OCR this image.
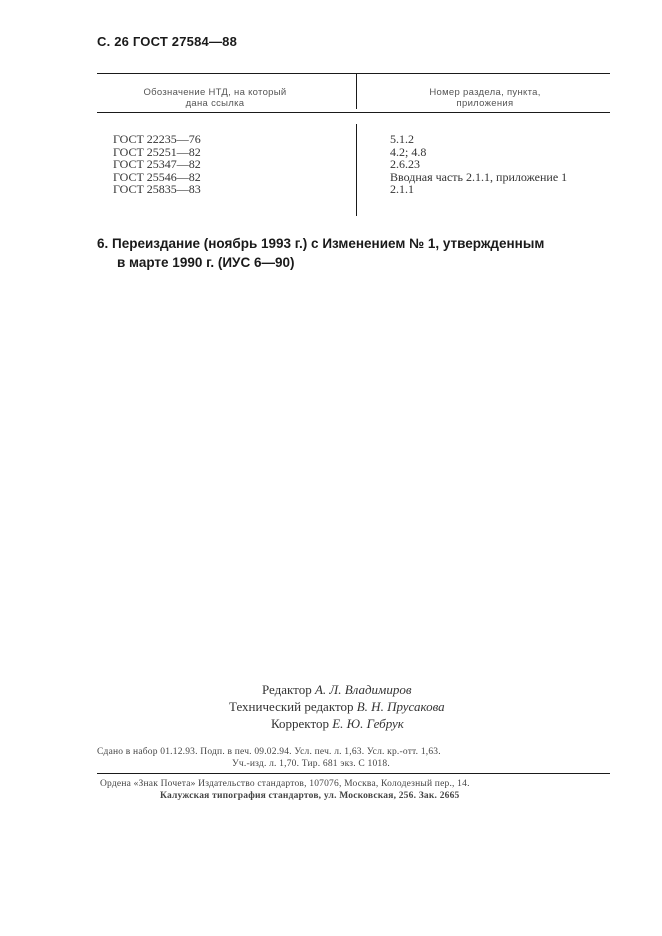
С. 26 ГОСТ 27584—88
Обозначение НТД, на который
дана ссылка
Номер раздела, пункта,
приложения
ГОСТ 22235—76
ГОСТ 25251—82
ГОСТ 25347—82
ГОСТ 25546—82
ГОСТ 25835—83
5.1.2
4.2; 4.8
2.6.23
Вводная часть 2.1.1, приложение 1
2.1.1
6. Переиздание (ноябрь 1993 г.) с Изменением № 1, утвержденным
в марте 1990 г. (ИУС 6—90)
Редактор А. Л. Владимиров
Технический редактор В. Н. Прусакова
Корректор Е. Ю. Гебрук
Сдано в набор 01.12.93. Подп. в печ. 09.02.94. Усл. печ. л. 1,63. Усл. кр.-отт. 1,63.
Уч.-изд. л. 1,70. Тир. 681 экз. С 1018.
Ордена «Знак Почета» Издательство стандартов, 107076, Москва, Колодезный пер., 14.
Калужская типография стандартов, ул. Московская, 256. Зак. 2665
